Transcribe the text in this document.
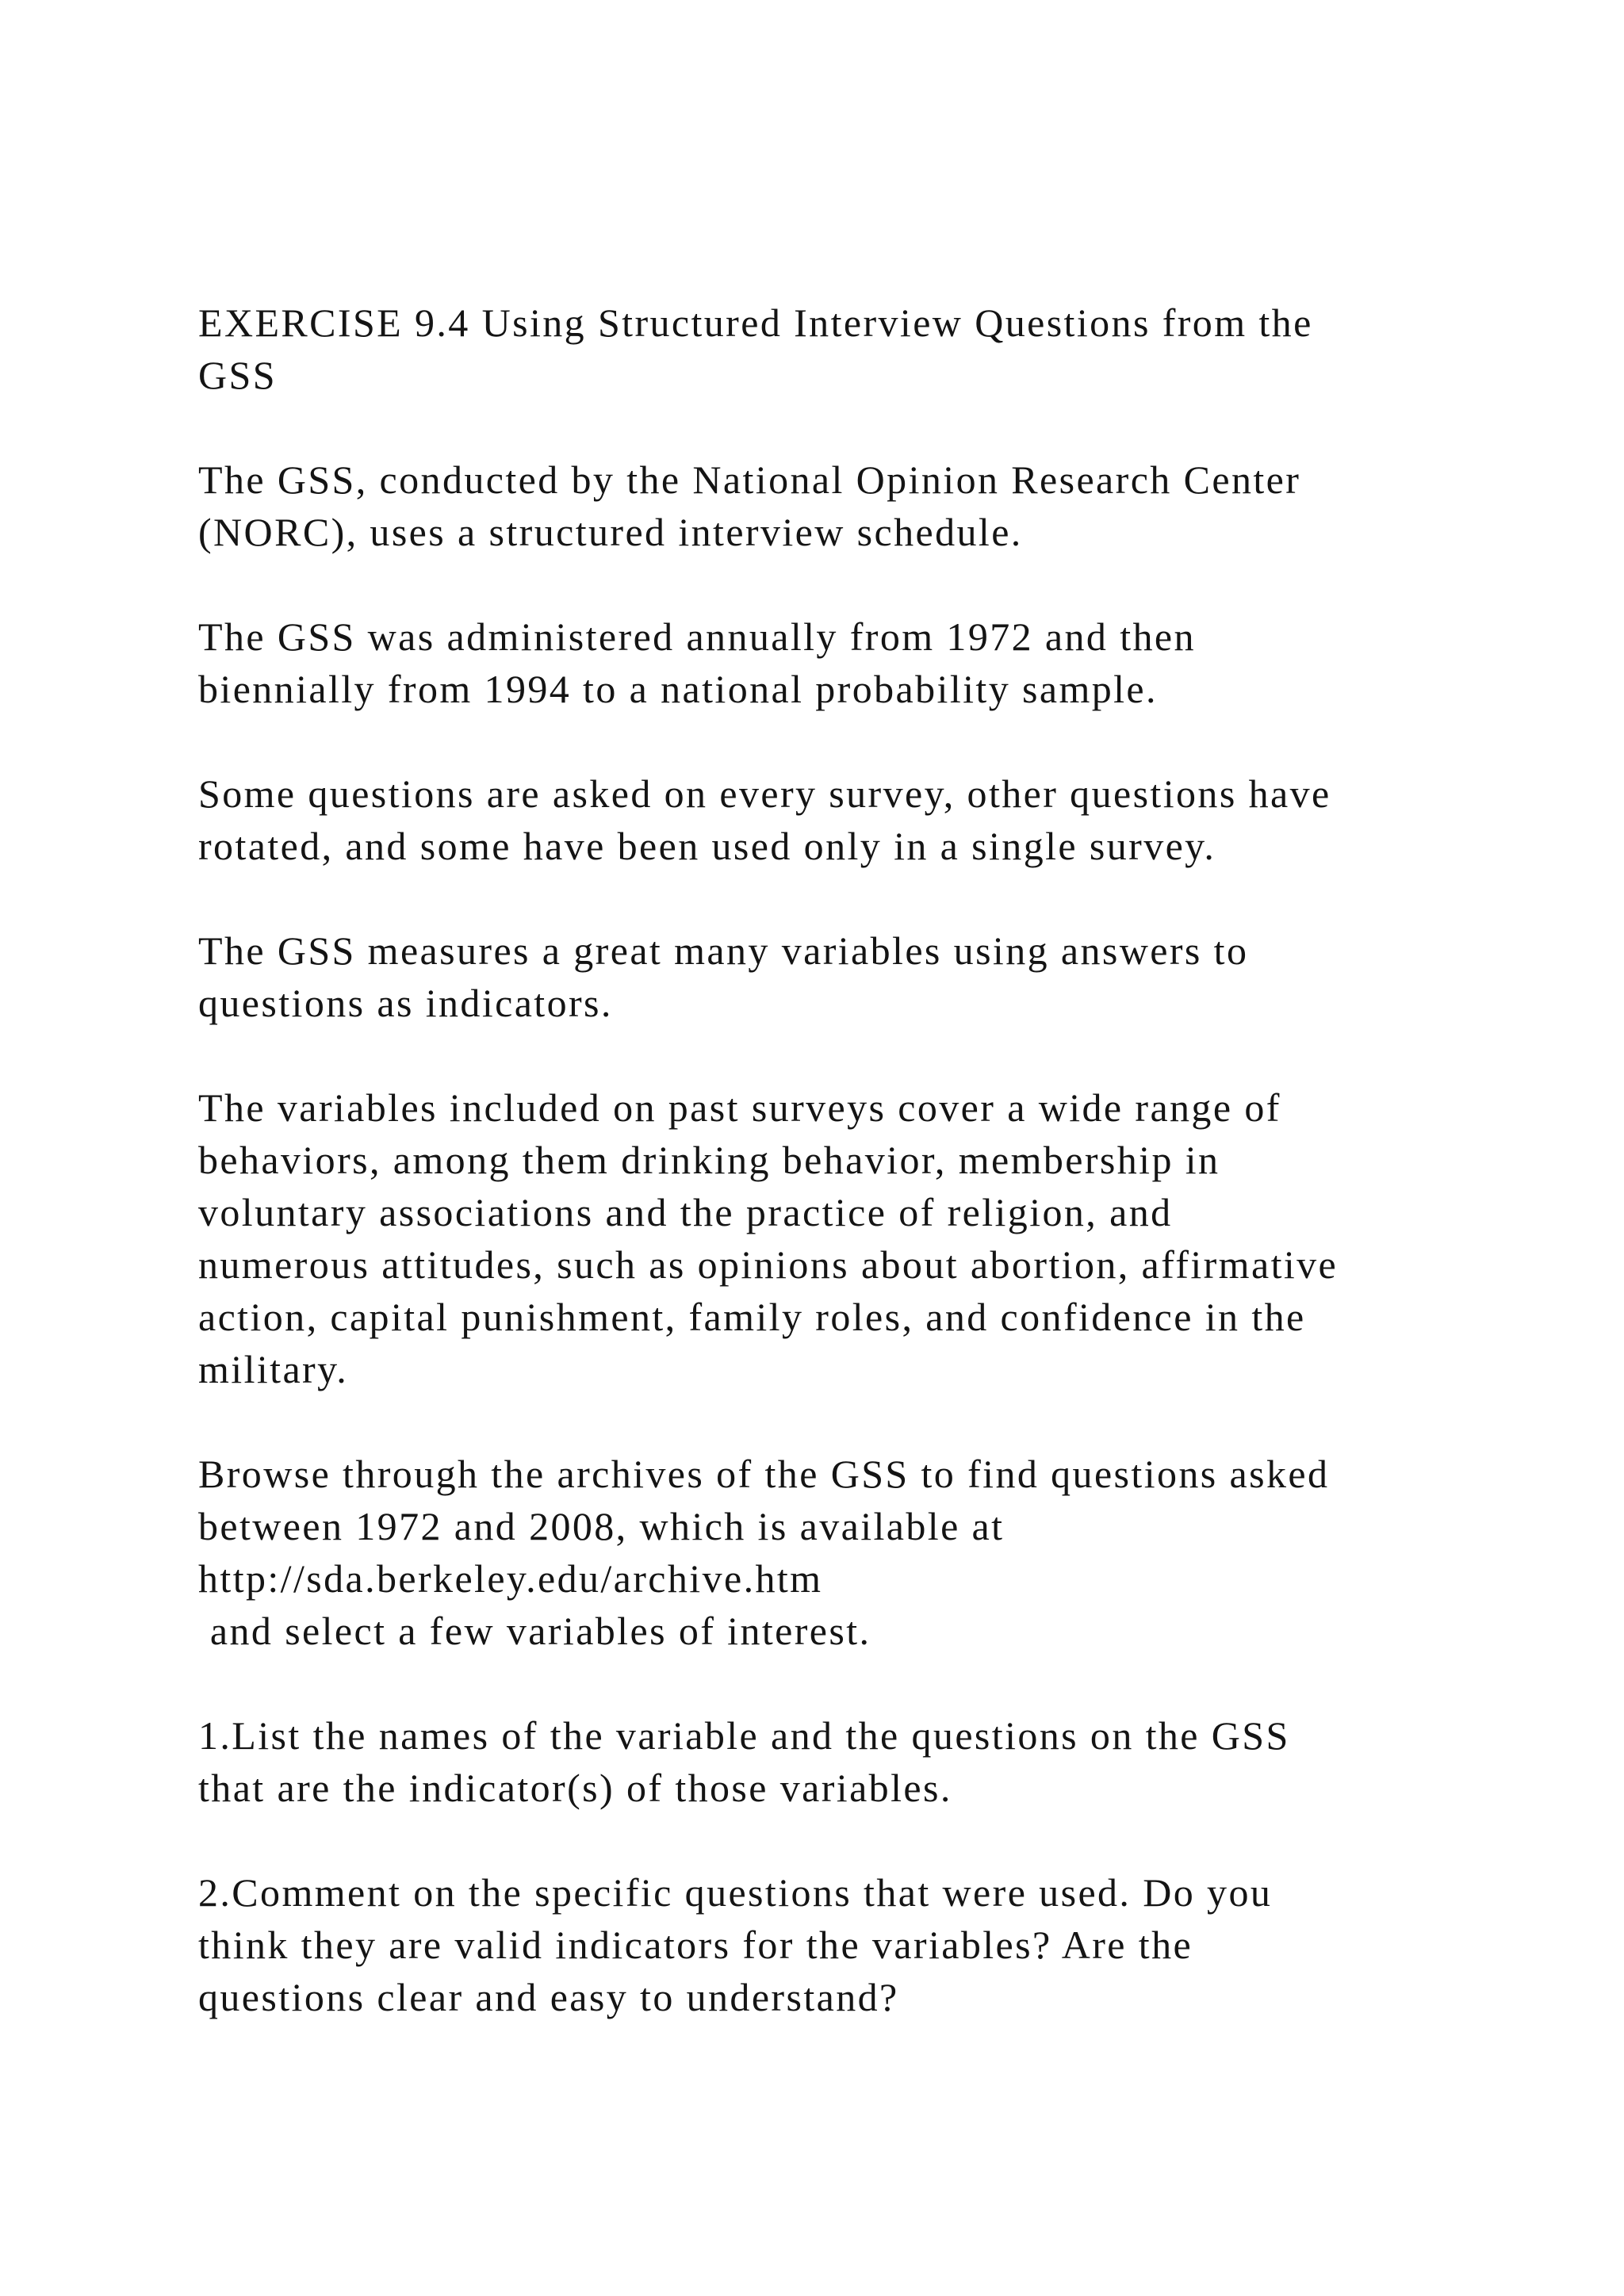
EXERCISE 9.4 Using Structured Interview Questions from the
GSS

The GSS, conducted by the National Opinion Research Center
(NORC), uses a structured interview schedule.

The GSS was administered annually from 1972 and then
biennially from 1994 to a national probability sample.

Some questions are asked on every survey, other questions have
rotated, and some have been used only in a single survey.

The GSS measures a great many variables using answers to
questions as indicators.

The variables included on past surveys cover a wide range of
behaviors, among them drinking behavior, membership in
voluntary associations and the practice of religion, and
numerous attitudes, such as opinions about abortion, affirmative
action, capital punishment, family roles, and confidence in the
military.

Browse through the archives of the GSS to find questions asked
between 1972 and 2008, which is available at
http://sda.berkeley.edu/archive.htm
and select a few variables of interest.

1.List the names of the variable and the questions on the GSS
that are the indicator(s) of those variables.

2.Comment on the specific questions that were used. Do you
think they are valid indicators for the variables? Are the
questions clear and easy to understand?
